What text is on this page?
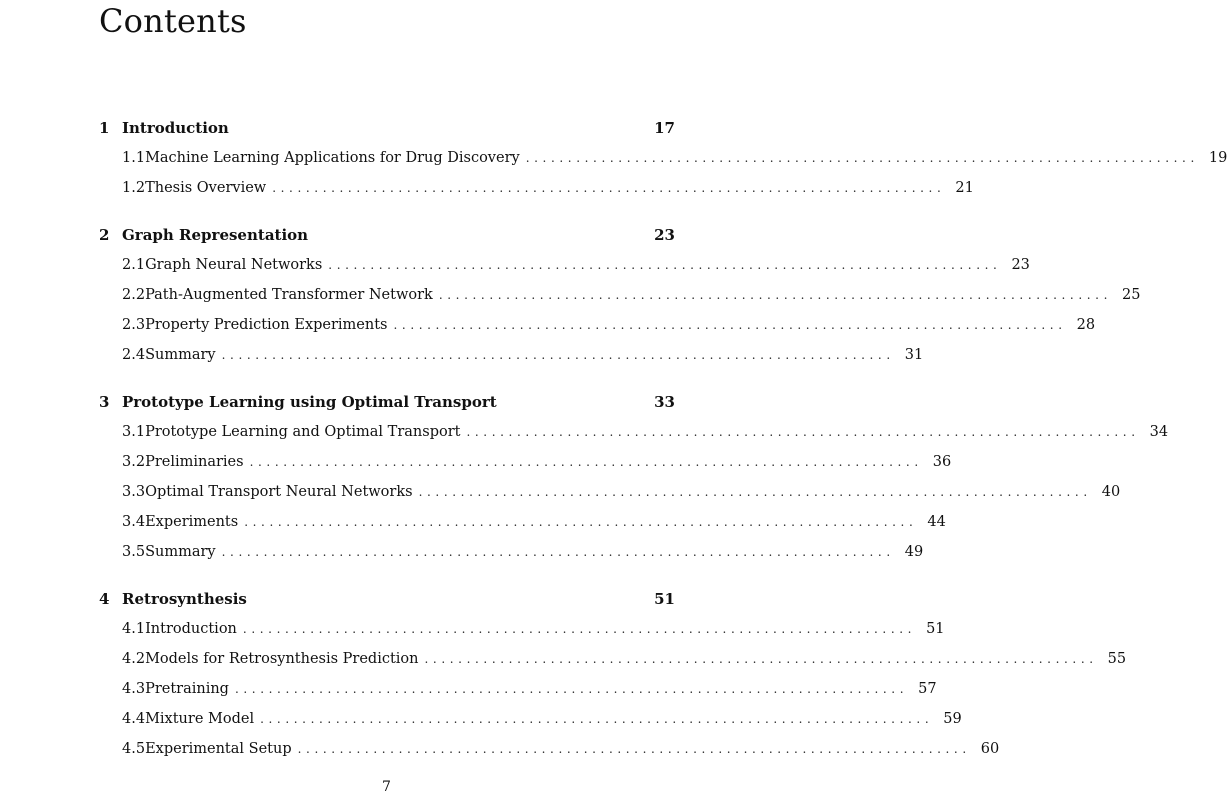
Contents
1 Introduction	17
1.1 Machine Learning Applications for Drug Discovery ................................................................................ 19
1.2 Thesis Overview ................................................................................ 21
2 Graph Representation	23
2.1 Graph Neural Networks ................................................................................ 23
2.2 Path-Augmented Transformer Network ................................................................................ 25
2.3 Property Prediction Experiments ................................................................................ 28
2.4 Summary ................................................................................ 31
3 Prototype Learning using Optimal Transport	33
3.1 Prototype Learning and Optimal Transport ................................................................................ 34
3.2 Preliminaries ................................................................................ 36
3.3 Optimal Transport Neural Networks ................................................................................ 40
3.4 Experiments ................................................................................ 44
3.5 Summary ................................................................................ 49
4 Retrosynthesis	51
4.1 Introduction ................................................................................ 51
4.2 Models for Retrosynthesis Prediction ................................................................................ 55
4.3 Pretraining ................................................................................ 57
4.4 Mixture Model ................................................................................ 59
4.5 Experimental Setup ................................................................................ 60
7
